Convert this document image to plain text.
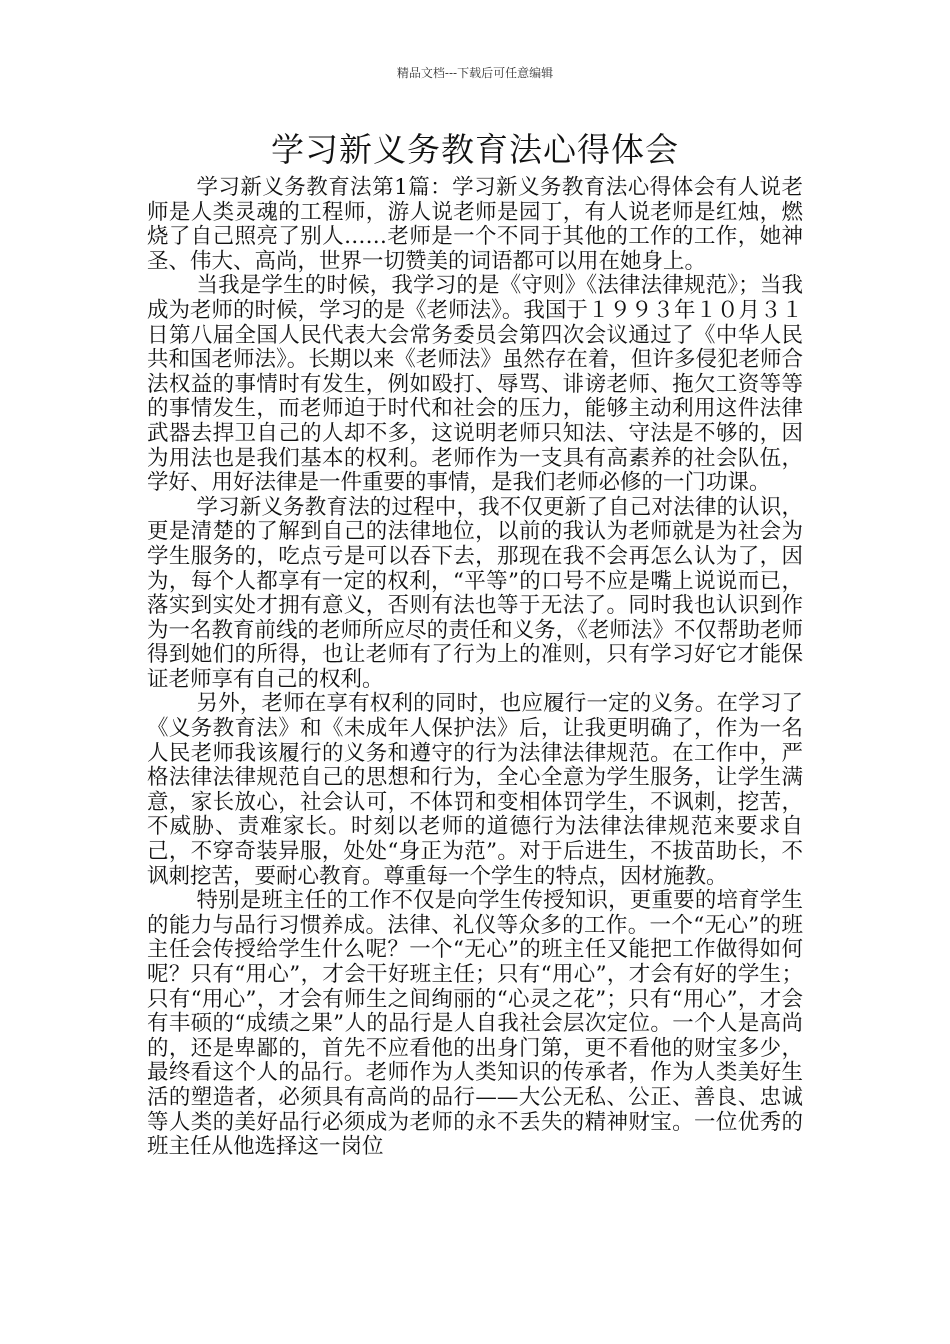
精品文档---下载后可任意编辑
学习新义务教育法心得体会

学习新义务教育法第1篇：学习新义务教育法心得体会有人说老师是人类灵魂的工程师，游人说老师是园丁，有人说老师是红烛，燃烧了自己照亮了别人……老师是一个不同于其他的工作的工作，她神圣、伟大、高尚，世界一切赞美的词语都可以用在她身上。

当我是学生的时候，我学习的是《守则》《法律法律规范》；当我成为老师的时候，学习的是《老师法》。我国于１９９３年１０月３１日第八届全国人民代表大会常务委员会第四次会议通过了《中华人民共和国老师法》。长期以来《老师法》虽然存在着，但许多侵犯老师合法权益的事情时有发生，例如殴打、辱骂、诽谤老师、拖欠工资等等的事情发生，而老师迫于时代和社会的压力，能够主动利用这件法律武器去捍卫自己的人却不多，这说明老师只知法、守法是不够的，因为用法也是我们基本的权利。老师作为一支具有高素养的社会队伍，学好、用好法律是一件重要的事情，是我们老师必修的一门功课。

学习新义务教育法的过程中，我不仅更新了自己对法律的认识，更是清楚的了解到自己的法律地位，以前的我认为老师就是为社会为学生服务的，吃点亏是可以吞下去，那现在我不会再怎么认为了，因为，每个人都享有一定的权利，“平等”的口号不应是嘴上说说而已，落实到实处才拥有意义，否则有法也等于无法了。同时我也认识到作为一名教育前线的老师所应尽的责任和义务，《老师法》不仅帮助老师得到她们的所得，也让老师有了行为上的准则，只有学习好它才能保证老师享有自己的权利。

另外，老师在享有权利的同时，也应履行一定的义务。在学习了《义务教育法》和《未成年人保护法》后，让我更明确了，作为一名人民老师我该履行的义务和遵守的行为法律法律规范。在工作中，严格法律法律规范自己的思想和行为，全心全意为学生服务，让学生满意，家长放心，社会认可，不体罚和变相体罚学生，不讽刺，挖苦，不威胁、责难家长。时刻以老师的道德行为法律法律规范来要求自己，不穿奇装异服，处处“身正为范”。对于后进生，不拔苗助长，不讽刺挖苦，要耐心教育。尊重每一个学生的特点，因材施教。

特别是班主任的工作不仅是向学生传授知识，更重要的培育学生的能力与品行习惯养成。法律、礼仪等众多的工作。一个“无心”的班主任会传授给学生什么呢？一个“无心”的班主任又能把工作做得如何呢？只有“用心”，才会干好班主任；只有“用心”，才会有好的学生；只有“用心”，才会有师生之间绚丽的“心灵之花”；只有“用心”，才会有丰硕的“成绩之果”人的品行是人自我社会层次定位。一个人是高尚的，还是卑鄙的，首先不应看他的出身门第，更不看他的财宝多少，最终看这个人的品行。老师作为人类知识的传承者，作为人类美好生活的塑造者，必须具有高尚的品行——大公无私、公正、善良、忠诚等人类的美好品行必须成为老师的永不丢失的精神财宝。一位优秀的班主任从他选择这一岗位
